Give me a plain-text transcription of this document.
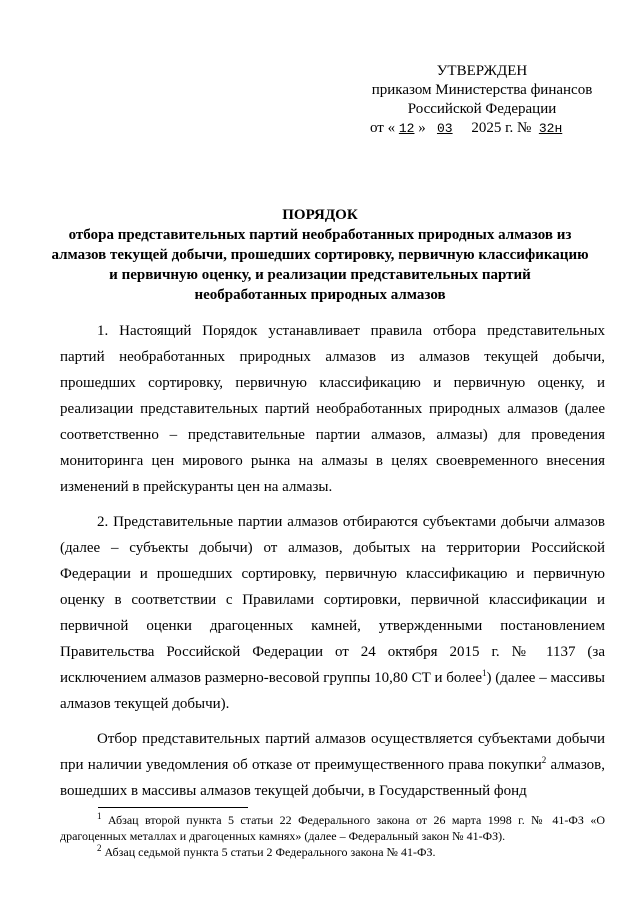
УТВЕРЖДЕН
приказом Министерства финансов
Российской Федерации
от « 12 » 03 2025 г. № 32н
ПОРЯДОК
отбора представительных партий необработанных природных алмазов из
алмазов текущей добычи, прошедших сортировку, первичную классификацию
и первичную оценку, и реализации представительных партий
необработанных природных алмазов

1. Настоящий Порядок устанавливает правила отбора представительных партий необработанных природных алмазов из алмазов текущей добычи, прошедших сортировку, первичную классификацию и первичную оценку, и реализации представительных партий необработанных природных алмазов (далее соответственно – представительные партии алмазов, алмазы) для проведения мониторинга цен мирового рынка на алмазы в целях своевременного внесения изменений в прейскуранты цен на алмазы.

2. Представительные партии алмазов отбираются субъектами добычи алмазов (далее – субъекты добычи) от алмазов, добытых на территории Российской Федерации и прошедших сортировку, первичную классификацию и первичную оценку в соответствии с Правилами сортировки, первичной классификации и первичной оценки драгоценных камней, утвержденными постановлением Правительства Российской Федерации от 24 октября 2015 г. № 1137 (за исключением алмазов размерно-весовой группы 10,80 СТ и более$^1$) (далее – массивы алмазов текущей добычи).

Отбор представительных партий алмазов осуществляется субъектами добычи при наличии уведомления об отказе от преимущественного права покупки$^2$ алмазов, вошедших в массивы алмазов текущей добычи, в Государственный фонд

$^1$ Абзац второй пункта 5 статьи 22 Федерального закона от 26 марта 1998 г. № 41-ФЗ «О драгоценных металлах и драгоценных камнях» (далее – Федеральный закон № 41-ФЗ).

$^2$ Абзац седьмой пункта 5 статьи 2 Федерального закона № 41-ФЗ.
